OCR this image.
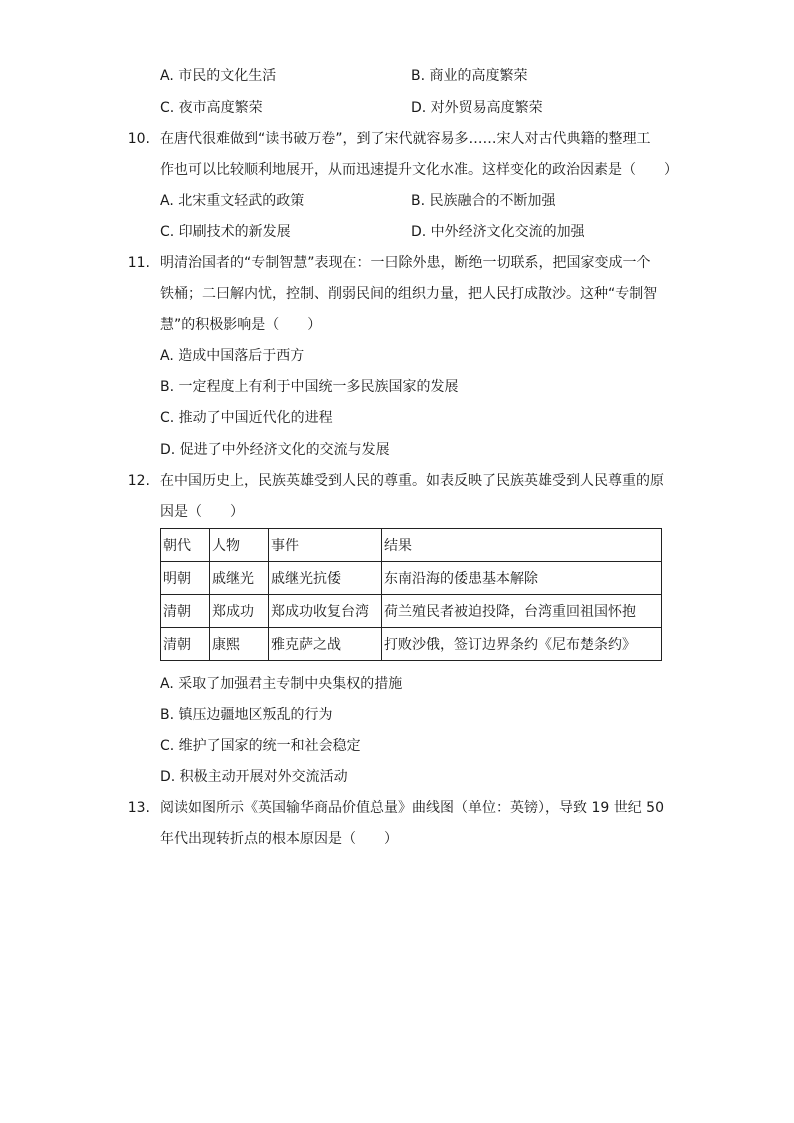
A. 市民的文化生活	B. 商业的高度繁荣
C. 夜市高度繁荣	D. 对外贸易高度繁荣
10. 在唐代很难做到“读书破万卷”，到了宋代就容易多……宋人对古代典籍的整理工
作也可以比较顺利地展开，从而迅速提升文化水准。这样变化的政治因素是（　　）
A. 北宋重文轻武的政策	B. 民族融合的不断加强
C. 印刷技术的新发展	D. 中外经济文化交流的加强
11. 明清治国者的“专制智慧”表现在：一曰除外患，断绝一切联系，把国家变成一个
铁桶；二曰解内忧，控制、削弱民间的组织力量，把人民打成散沙。这种“专制智
慧”的积极影响是（　　）
A. 造成中国落后于西方
B. 一定程度上有利于中国统一多民族国家的发展
C. 推动了中国近代化的进程
D. 促进了中外经济文化的交流与发展
12. 在中国历史上，民族英雄受到人民的尊重。如表反映了民族英雄受到人民尊重的原
因是（　　）
朝代	人物	事件	结果
明朝	戚继光	戚继光抗倭	东南沿海的倭患基本解除
清朝	郑成功	郑成功收复台湾	荷兰殖民者被迫投降，台湾重回祖国怀抱
清朝	康熙	雅克萨之战	打败沙俄，签订边界条约《尼布楚条约》
A. 采取了加强君主专制中央集权的措施
B. 镇压边疆地区叛乱的行为
C. 维护了国家的统一和社会稳定
D. 积极主动开展对外交流活动
13. 阅读如图所示《英国输华商品价值总量》曲线图（单位：英镑），导致 19 世纪 50
年代出现转折点的根本原因是（　　）
